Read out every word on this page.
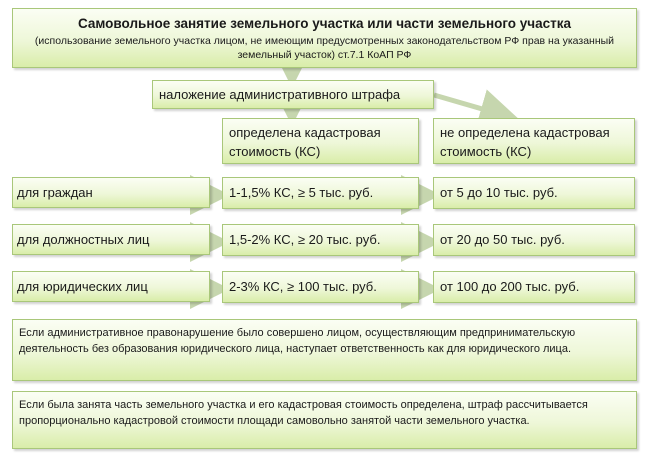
Самовольное занятие земельного участка или части земельного участка
(использование земельного участка лицом, не имеющим предусмотренных законодательством РФ прав на указанный земельный участок) ст.7.1 КоАП РФ
наложение административного штрафа
определена кадастровая стоимость (КС)
не определена кадастровая стоимость (КС)
для граждан	1-1,5% КС, ≥ 5 тыс. руб.	от 5 до 10 тыс. руб.
для должностных лиц	1,5-2% КС, ≥ 20 тыс. руб.	от 20 до 50 тыс. руб.
для юридических лиц	2-3% КС, ≥ 100 тыс. руб.	от 100 до 200 тыс. руб.
Если административное правонарушение было совершено лицом, осуществляющим предпринимательскую деятельность без образования юридического лица, наступает ответственность как для юридического лица.
Если была занята часть земельного участка и его кадастровая стоимость определена, штраф рассчитывается пропорционально кадастровой стоимости площади самовольно занятой части земельного участка.
